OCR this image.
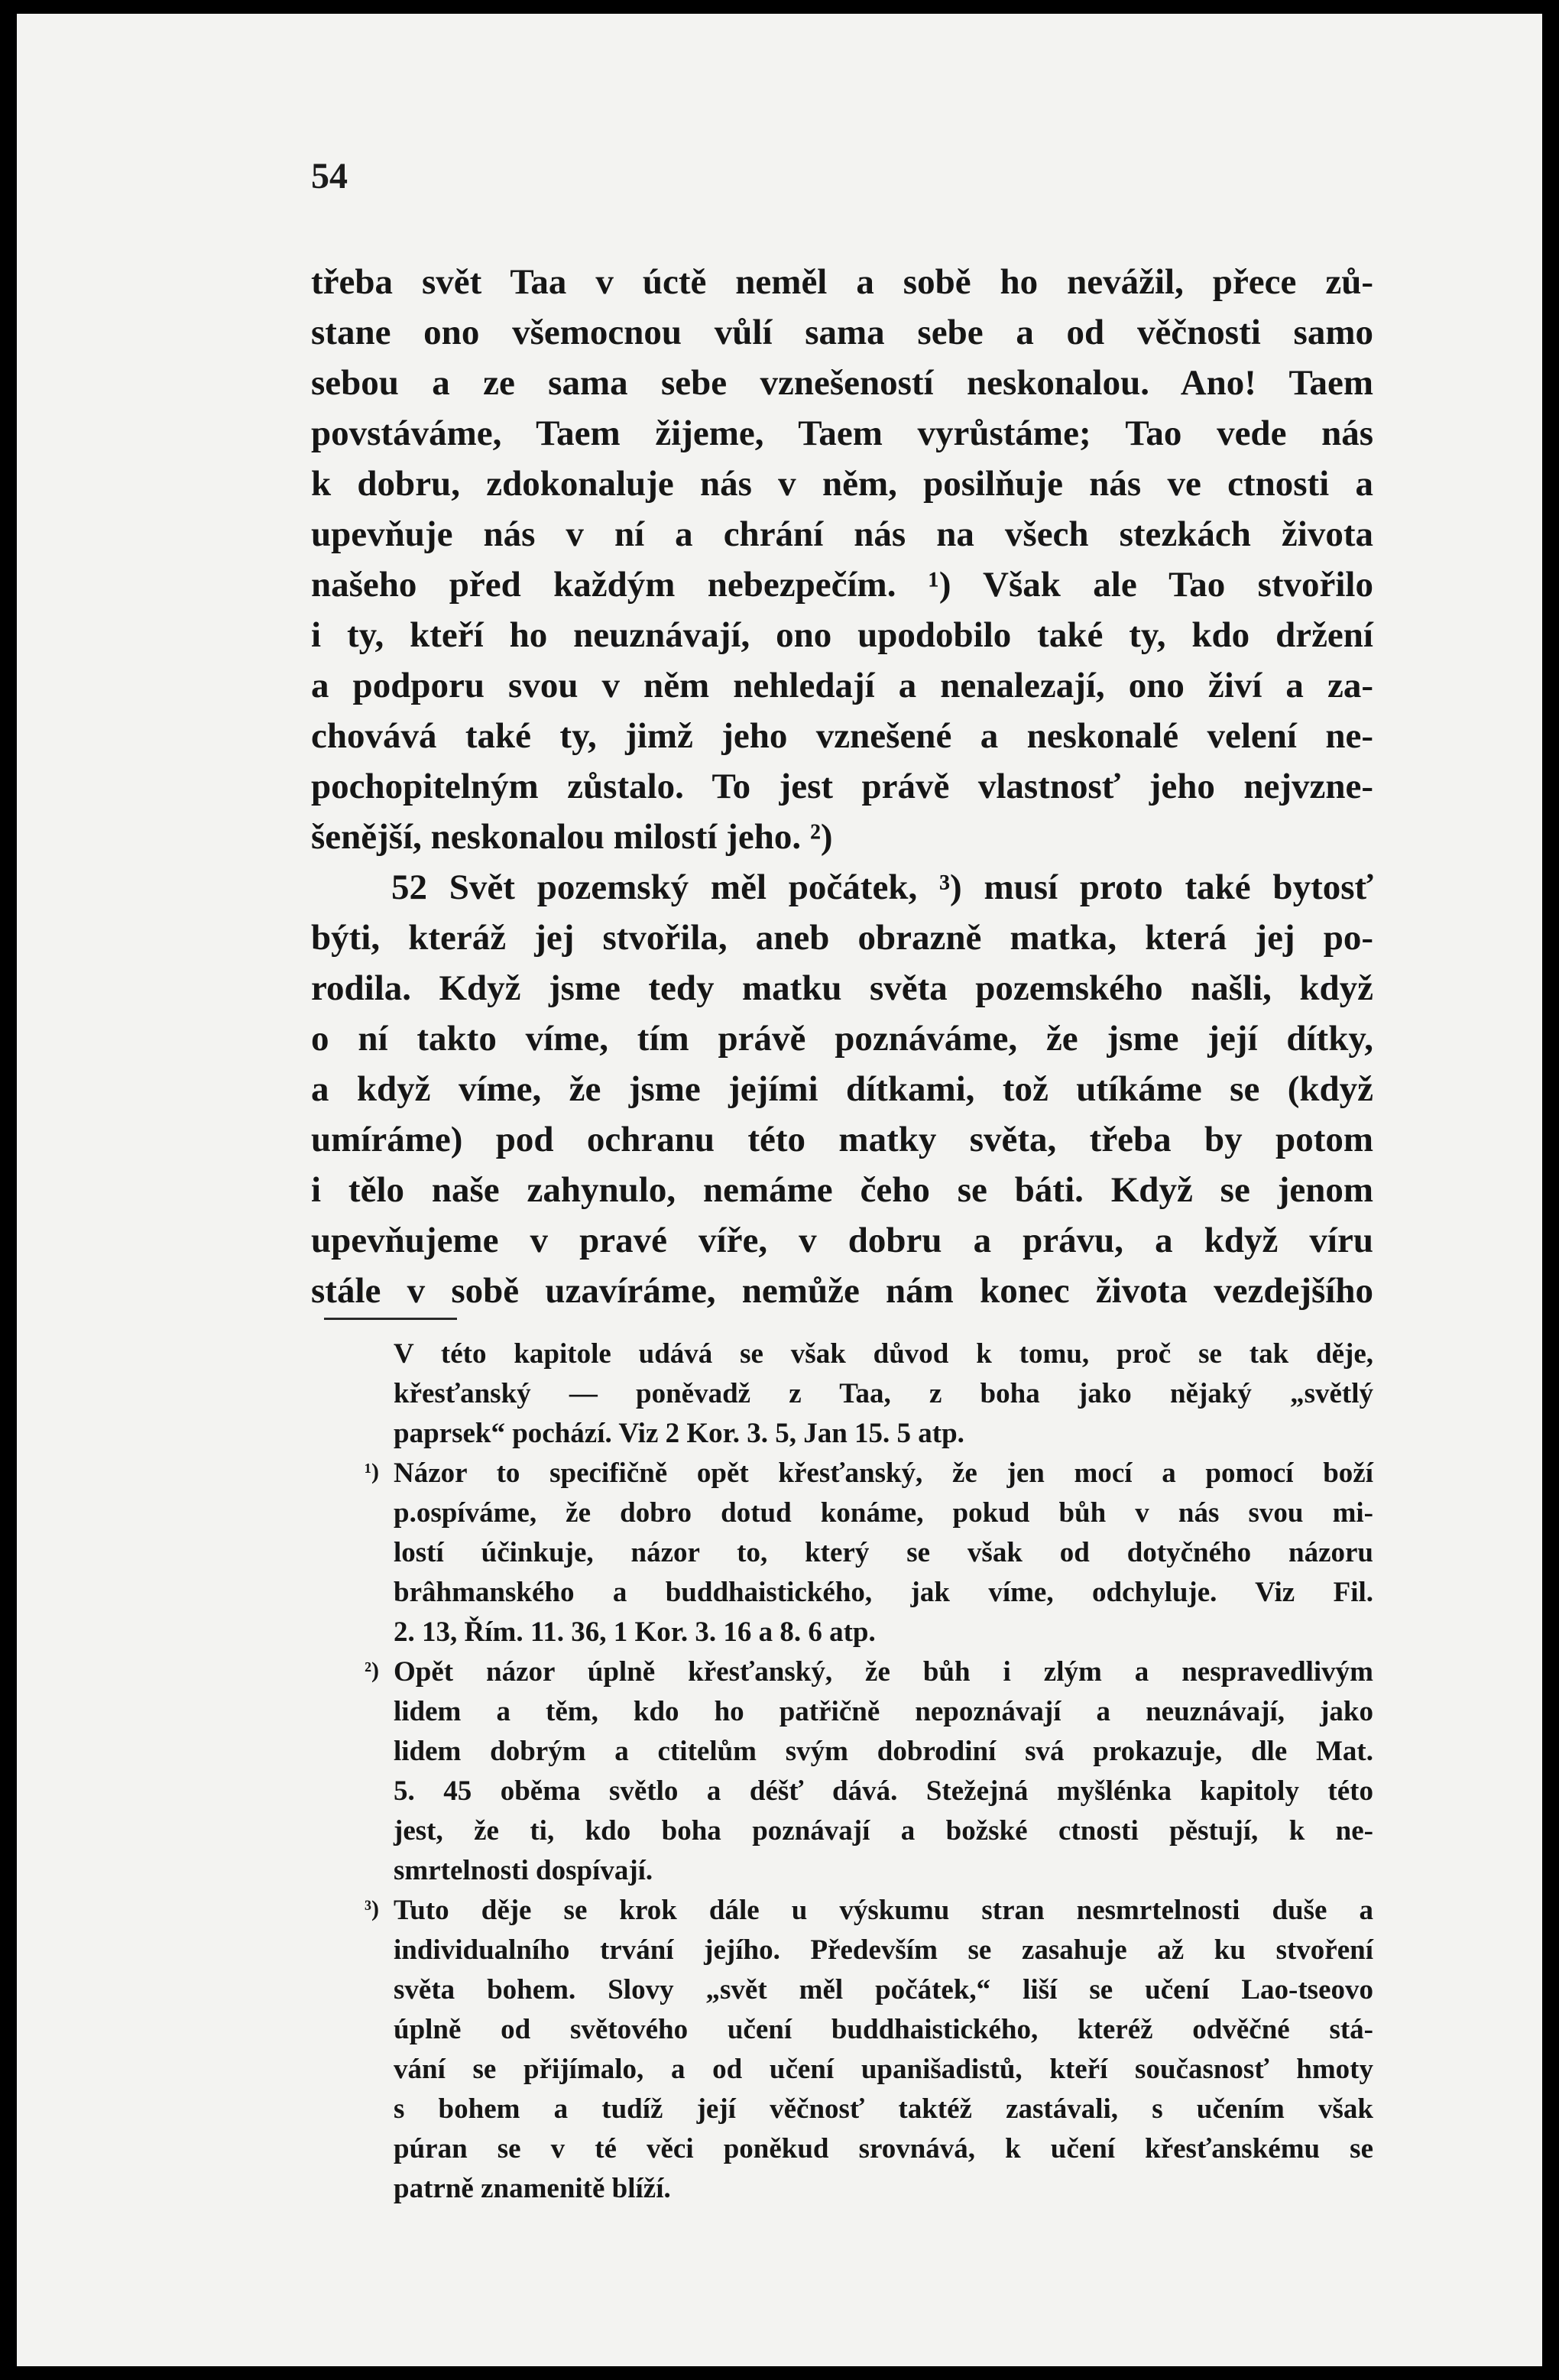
54
třeba svět Taa v úctě neměl a sobě ho nevážil, přece zů-
stane ono všemocnou vůlí sama sebe a od věčnosti samo
sebou a ze sama sebe vznešeností neskonalou. Ano! Taem
povstáváme, Taem žijeme, Taem vyrůstáme; Tao vede nás
k dobru, zdokonaluje nás v něm, posilňuje nás ve ctnosti a
upevňuje nás v ní a chrání nás na všech stezkách života
našeho před každým nebezpečím. ¹) Však ale Tao stvořilo
i ty, kteří ho neuznávají, ono upodobilo také ty, kdo držení
a podporu svou v něm nehledají a nenalezají, ono živí a za-
chovává také ty, jimž jeho vznešené a neskonalé velení ne-
pochopitelným zůstalo. To jest právě vlastnosť jeho nejvzne-
šenější, neskonalou milostí jeho. ²)
52 Svět pozemský měl počátek, ³) musí proto také bytosť
býti, kteráž jej stvořila, aneb obrazně matka, která jej po-
rodila. Když jsme tedy matku světa pozemského našli, když
o ní takto víme, tím právě poznáváme, že jsme její dítky,
a když víme, že jsme jejími dítkami, tož utíkáme se (když
umíráme) pod ochranu této matky světa, třeba by potom
i tělo naše zahynulo, nemáme čeho se báti. Když se jenom
upevňujeme v pravé víře, v dobru a právu, a když víru
stále v sobě uzavíráme, nemůže nám konec života vezdejšího
V této kapitole udává se však důvod k tomu, proč se tak děje,
křesťanský — poněvadž z Taa, z boha jako nějaký „světlý
paprsek“ pochází. Viz 2 Kor. 3. 5, Jan 15. 5 atp.
¹) Názor to specifičně opět křesťanský, že jen mocí a pomocí boží
p.ospíváme, že dobro dotud konáme, pokud bůh v nás svou mi-
lostí účinkuje, názor to, který se však od dotyčného názoru
brâhmanského a buddhaistického, jak víme, odchyluje. Viz Fil.
2. 13, Řím. 11. 36, 1 Kor. 3. 16 a 8. 6 atp.
²) Opět názor úplně křesťanský, že bůh i zlým a nespravedlivým
lidem a těm, kdo ho patřičně nepoznávají a neuznávají, jako
lidem dobrým a ctitelům svým dobrodiní svá prokazuje, dle Mat.
5. 45 oběma světlo a déšť dává. Stežejná myšlénka kapitoly této
jest, že ti, kdo boha poznávají a božské ctnosti pěstují, k ne-
smrtelnosti dospívají.
³) Tuto děje se krok dále u výskumu stran nesmrtelnosti duše a
individualního trvání jejího. Především se zasahuje až ku stvoření
světa bohem. Slovy „svět měl počátek,“ liší se učení Lao-tseovo
úplně od světového učení buddhaistického, kteréž odvěčné stá-
vání se přijímalo, a od učení upanišadistů, kteří současnosť hmoty
s bohem a tudíž její věčnosť taktéž zastávali, s učením však
púran se v té věci poněkud srovnává, k učení křesťanskému se
patrně znamenitě blíží.
